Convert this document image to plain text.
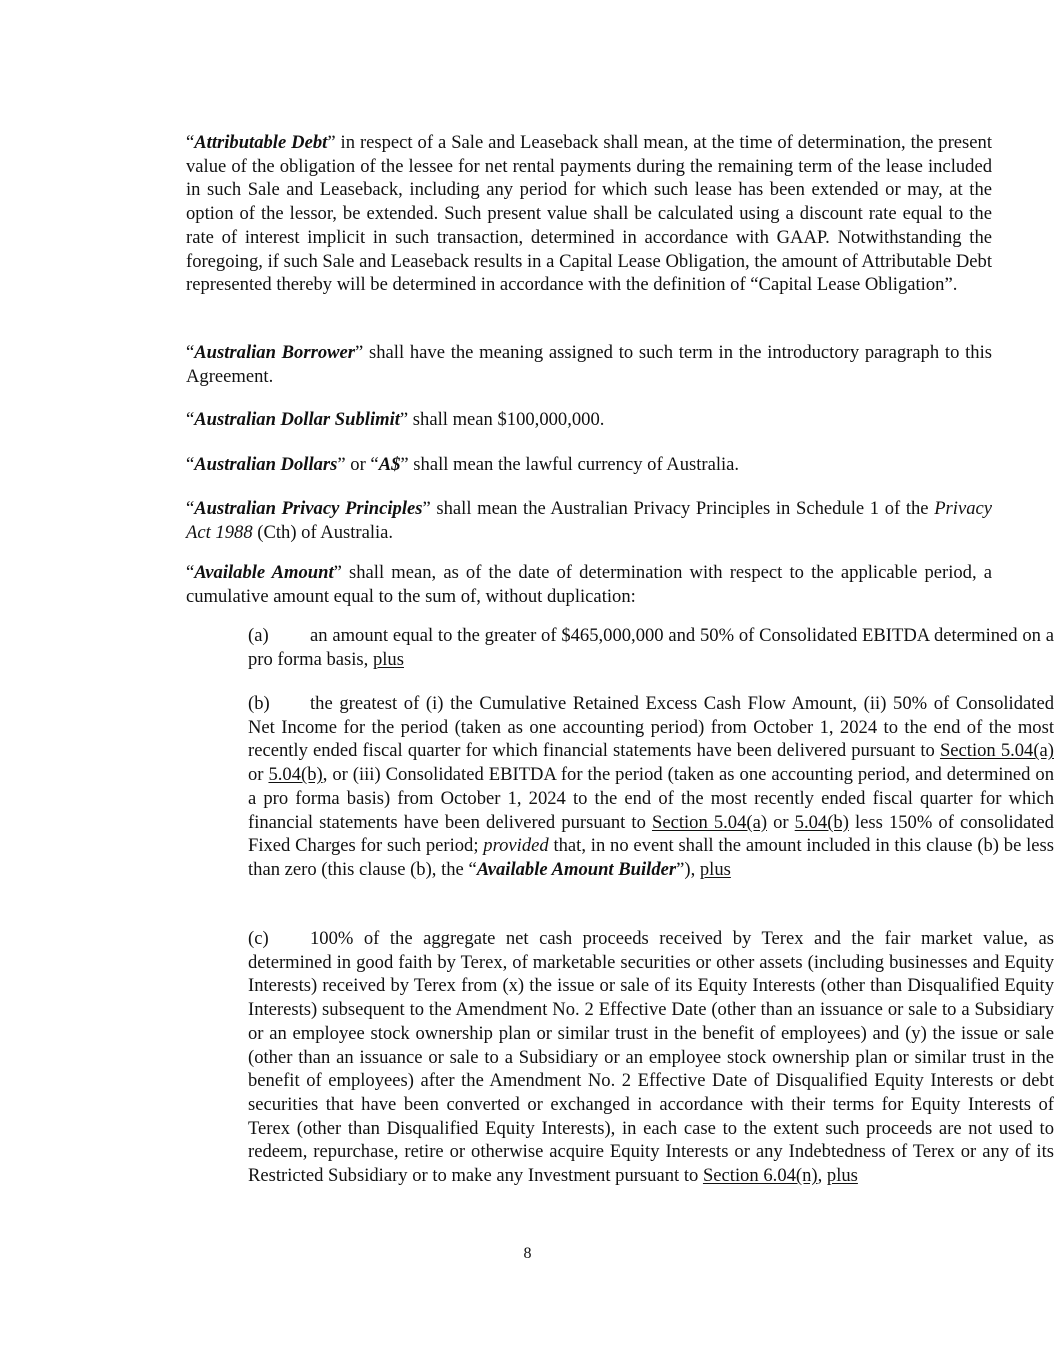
“Attributable Debt” in respect of a Sale and Leaseback shall mean, at the time of determination, the present value of the obligation of the lessee for net rental payments during the remaining term of the lease included in such Sale and Leaseback, including any period for which such lease has been extended or may, at the option of the lessor, be extended. Such present value shall be calculated using a discount rate equal to the rate of interest implicit in such transaction, determined in accordance with GAAP. Notwithstanding the foregoing, if such Sale and Leaseback results in a Capital Lease Obligation, the amount of Attributable Debt represented thereby will be determined in accordance with the definition of “Capital Lease Obligation”.

“Australian Borrower” shall have the meaning assigned to such term in the introductory paragraph to this Agreement.

“Australian Dollar Sublimit” shall mean $100,000,000.

“Australian Dollars” or “A$” shall mean the lawful currency of Australia.

“Australian Privacy Principles” shall mean the Australian Privacy Principles in Schedule 1 of the Privacy Act 1988 (Cth) of Australia.

“Available Amount” shall mean, as of the date of determination with respect to the applicable period, a cumulative amount equal to the sum of, without duplication:

(a) an amount equal to the greater of $465,000,000 and 50% of Consolidated EBITDA determined on a pro forma basis, plus

(b) the greatest of (i) the Cumulative Retained Excess Cash Flow Amount, (ii) 50% of Consolidated Net Income for the period (taken as one accounting period) from October 1, 2024 to the end of the most recently ended fiscal quarter for which financial statements have been delivered pursuant to Section 5.04(a) or 5.04(b), or (iii) Consolidated EBITDA for the period (taken as one accounting period, and determined on a pro forma basis) from October 1, 2024 to the end of the most recently ended fiscal quarter for which financial statements have been delivered pursuant to Section 5.04(a) or 5.04(b) less 150% of consolidated Fixed Charges for such period; provided that, in no event shall the amount included in this clause (b) be less than zero (this clause (b), the “Available Amount Builder”), plus

(c) 100% of the aggregate net cash proceeds received by Terex and the fair market value, as determined in good faith by Terex, of marketable securities or other assets (including businesses and Equity Interests) received by Terex from (x) the issue or sale of its Equity Interests (other than Disqualified Equity Interests) subsequent to the Amendment No. 2 Effective Date (other than an issuance or sale to a Subsidiary or an employee stock ownership plan or similar trust in the benefit of employees) and (y) the issue or sale (other than an issuance or sale to a Subsidiary or an employee stock ownership plan or similar trust in the benefit of employees) after the Amendment No. 2 Effective Date of Disqualified Equity Interests or debt securities that have been converted or exchanged in accordance with their terms for Equity Interests of Terex (other than Disqualified Equity Interests), in each case to the extent such proceeds are not used to redeem, repurchase, retire or otherwise acquire Equity Interests or any Indebtedness of Terex or any of its Restricted Subsidiary or to make any Investment pursuant to Section 6.04(n), plus

8
